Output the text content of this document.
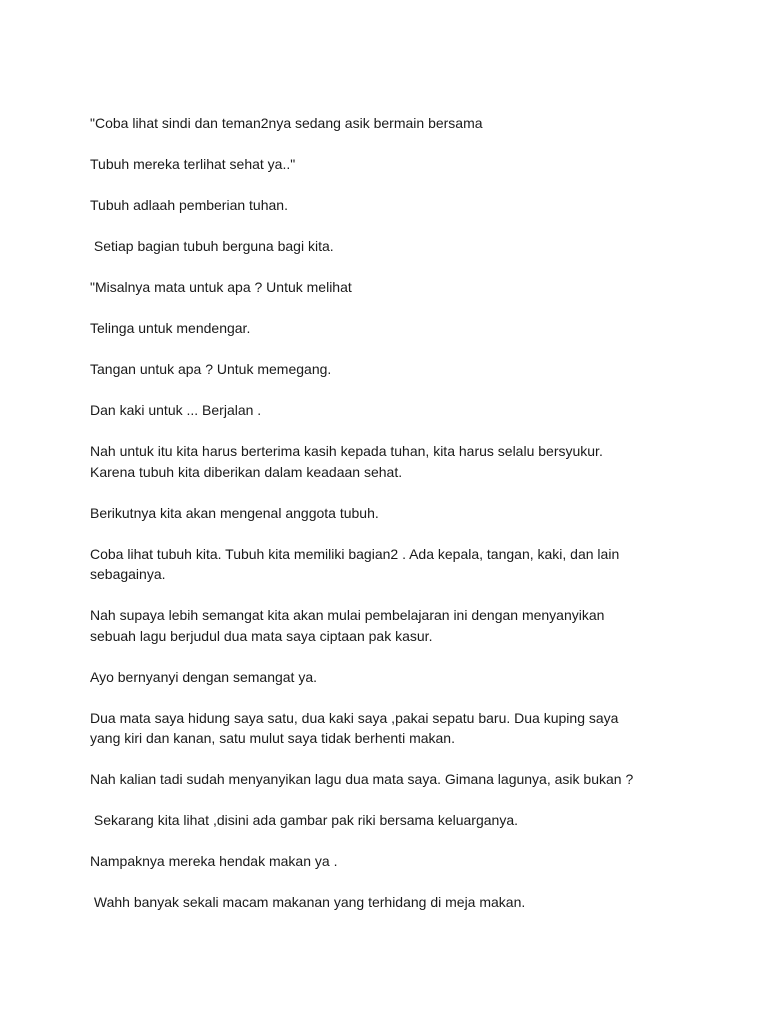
"Coba lihat sindi dan teman2nya sedang asik bermain bersama

Tubuh mereka terlihat sehat ya.."

Tubuh adlaah pemberian tuhan.

Setiap bagian tubuh berguna bagi kita.

"Misalnya mata untuk apa ? Untuk melihat

Telinga untuk mendengar.

Tangan untuk apa ? Untuk memegang.

Dan kaki untuk ... Berjalan .

Nah untuk itu kita harus berterima kasih kepada tuhan, kita harus selalu bersyukur.
Karena tubuh kita diberikan dalam keadaan sehat.

Berikutnya kita akan mengenal anggota tubuh.

Coba lihat tubuh kita. Tubuh kita memiliki bagian2 . Ada kepala, tangan, kaki, dan lain
sebagainya.

Nah supaya lebih semangat kita akan mulai pembelajaran ini dengan menyanyikan
sebuah lagu berjudul dua mata saya ciptaan pak kasur.

Ayo bernyanyi dengan semangat ya.

Dua mata saya hidung saya satu, dua kaki saya ,pakai sepatu baru. Dua kuping saya
yang kiri dan kanan, satu mulut saya tidak berhenti makan.

Nah kalian tadi sudah menyanyikan lagu dua mata saya. Gimana lagunya, asik bukan ?

Sekarang kita lihat ,disini ada gambar pak riki bersama keluarganya.

Nampaknya mereka hendak makan ya .

Wahh banyak sekali macam makanan yang terhidang di meja makan.
